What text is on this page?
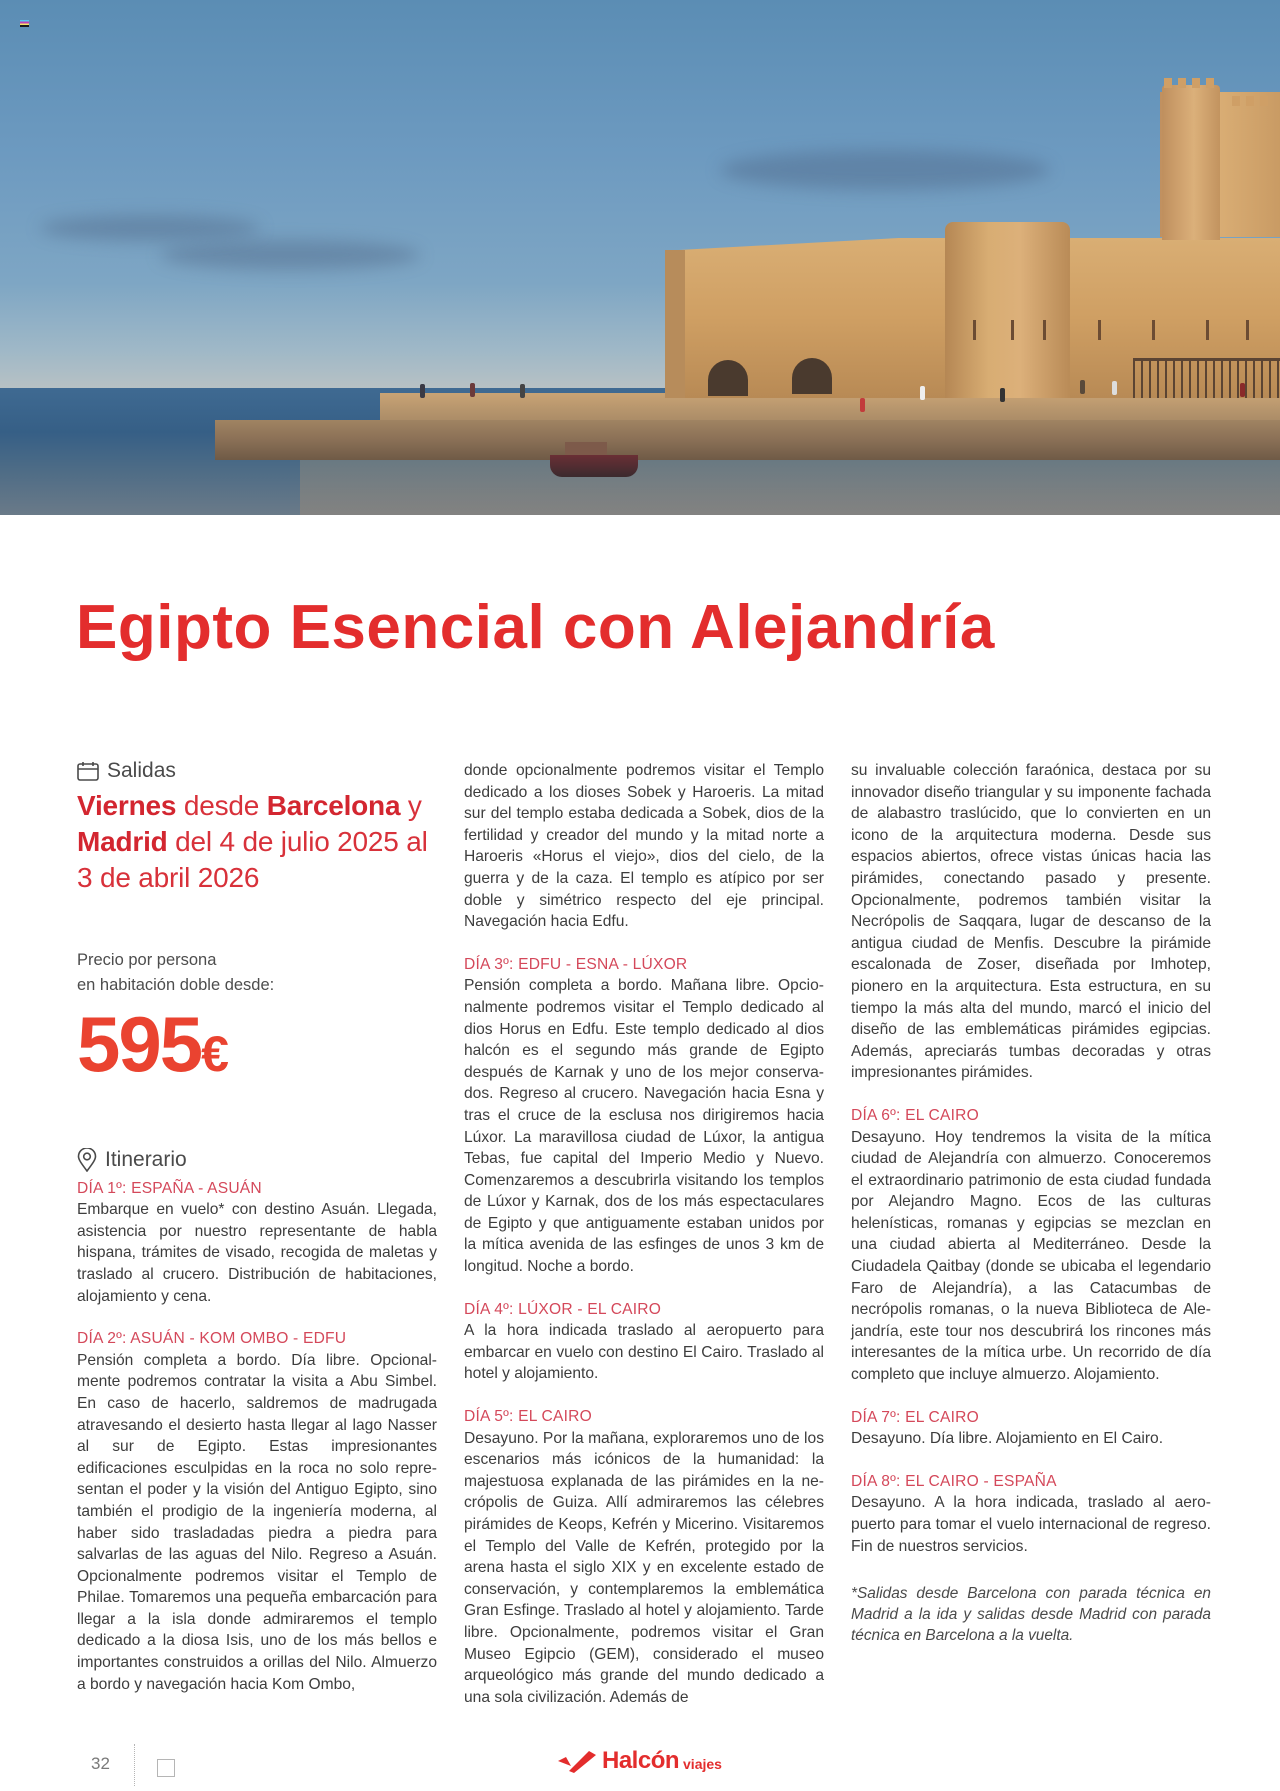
Egipto Esencial con Alejandría
Salidas
Viernes desde Barcelona y Madrid del 4 de julio 2025 al 3 de abril 2026
Precio por persona
en habitación doble desde:
595€
Itinerario
DÍA 1º: ESPAÑA - ASUÁN
Embarque en vuelo* con destino Asuán. Llegada, asistencia por nuestro representante de habla hispana, trámites de visado, recogida de maletas y traslado al crucero. Distribución de habitaciones, alojamiento y cena.
DÍA 2º: ASUÁN - KOM OMBO - EDFU
Pensión completa a bordo. Día libre. Opcionalmente podremos contratar la visita a Abu Simbel. En caso de hacerlo, saldremos de madrugada atravesando el desierto hasta llegar al lago Nasser al sur de Egipto. Estas impresionantes edificaciones esculpidas en la roca no solo representan el poder y la visión del Antiguo Egipto, sino también el prodigio de la ingeniería moderna, al haber sido trasladadas piedra a piedra para salvarlas de las aguas del Nilo. Regreso a Asuán. Opcionalmente podremos visitar el Templo de Philae. Tomaremos una pequeña embarcación para llegar a la isla donde admiraremos el templo dedicado a la diosa Isis, uno de los más bellos e importantes construidos a orillas del Nilo. Almuerzo a bordo y navegación hacia Kom Ombo,
donde opcionalmente podremos visitar el Templo dedicado a los dioses Sobek y Haroeris. La mitad sur del templo estaba dedicada a Sobek, dios de la fertilidad y creador del mundo y la mitad norte a Haroeris «Horus el viejo», dios del cielo, de la guerra y de la caza. El templo es atípico por ser doble y simétrico respecto del eje principal. Navegación hacia Edfu.
DÍA 3º: EDFU - ESNA - LÚXOR
Pensión completa a bordo. Mañana libre. Opcionalmente podremos visitar el Templo dedicado al dios Horus en Edfu. Este templo dedicado al dios halcón es el segundo más grande de Egipto después de Karnak y uno de los mejor conservados. Regreso al crucero. Navegación hacia Esna y tras el cruce de la esclusa nos dirigiremos hacia Lúxor. La maravillosa ciudad de Lúxor, la antigua Tebas, fue capital del Imperio Medio y Nuevo. Comenzaremos a descubrirla visitando los templos de Lúxor y Karnak, dos de los más espectaculares de Egipto y que antiguamente estaban unidos por la mítica avenida de las esfinges de unos 3 km de longitud. Noche a bordo.
DÍA 4º: LÚXOR - EL CAIRO
A la hora indicada traslado al aeropuerto para embarcar en vuelo con destino El Cairo. Traslado al hotel y alojamiento.
DÍA 5º: EL CAIRO
Desayuno. Por la mañana, exploraremos uno de los escenarios más icónicos de la humanidad: la majestuosa explanada de las pirámides en la necrópolis de Guiza. Allí admiraremos las célebres pirámides de Keops, Kefrén y Micerino. Visitaremos el Templo del Valle de Kefrén, protegido por la arena hasta el siglo XIX y en excelente estado de conservación, y contemplaremos la emblemática Gran Esfinge. Traslado al hotel y alojamiento. Tarde libre. Opcionalmente, podremos visitar el Gran Museo Egipcio (GEM), considerado el museo arqueológico más grande del mundo dedicado a una sola civilización. Además de
su invaluable colección faraónica, destaca por su innovador diseño triangular y su imponente fachada de alabastro traslúcido, que lo convierten en un icono de la arquitectura moderna. Desde sus espacios abiertos, ofrece vistas únicas hacia las pirámides, conectando pasado y presente. Opcionalmente, podremos también visitar la Necrópolis de Saqqara, lugar de descanso de la antigua ciudad de Menfis. Descubre la pirámide escalonada de Zoser, diseñada por Imhotep, pionero en la arquitectura. Esta estructura, en su tiempo la más alta del mundo, marcó el inicio del diseño de las emblemáticas pirámides egipcias. Además, apreciarás tumbas decoradas y otras impresionantes pirámides.
DÍA 6º: EL CAIRO
Desayuno. Hoy tendremos la visita de la mítica ciudad de Alejandría con almuerzo. Conoceremos el extraordinario patrimonio de esta ciudad fundada por Alejandro Magno. Ecos de las culturas helenísticas, romanas y egipcias se mezclan en una ciudad abierta al Mediterráneo. Desde la Ciudadela Qaitbay (donde se ubicaba el legendario Faro de Alejandría), a las Catacumbas de necrópolis romanas, o la nueva Biblioteca de Alejandría, este tour nos descubrirá los rincones más interesantes de la mítica urbe. Un recorrido de día completo que incluye almuerzo. Alojamiento.
DÍA 7º: EL CAIRO
Desayuno. Día libre. Alojamiento en El Cairo.
DÍA 8º: EL CAIRO - ESPAÑA
Desayuno. A la hora indicada, traslado al aeropuerto para tomar el vuelo internacional de regreso. Fin de nuestros servicios.
*Salidas desde Barcelona con parada técnica en Madrid a la ida y salidas desde Madrid con parada técnica en Barcelona a la vuelta.
32	Halcón viajes
